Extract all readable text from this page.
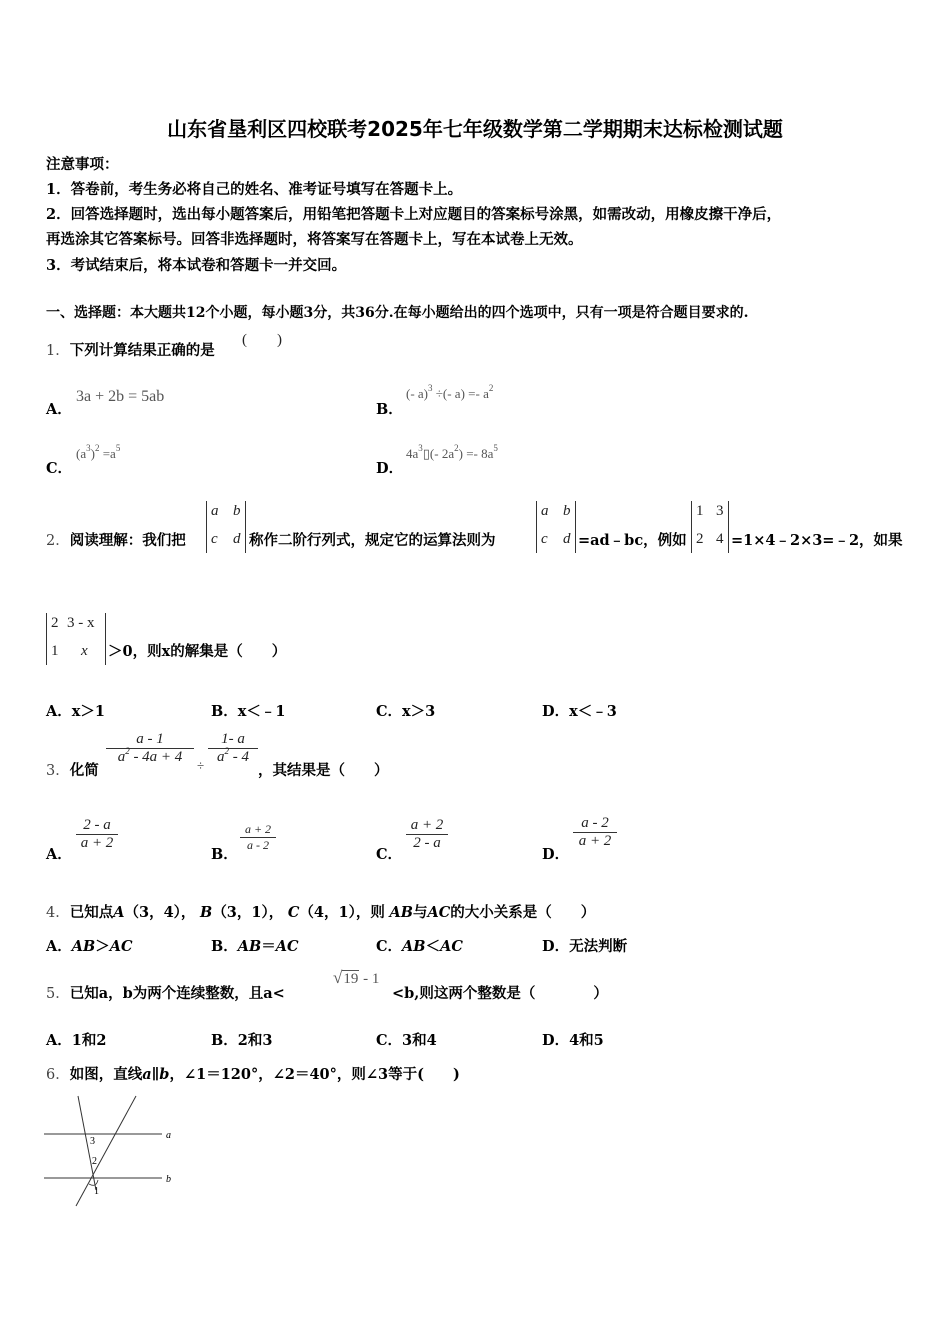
山东省垦利区四校联考2025年七年级数学第二学期期末达标检测试题
注意事项：
1．答卷前，考生务必将自己的姓名、准考证号填写在答题卡上。
2．回答选择题时，选出每小题答案后，用铅笔把答题卡上对应题目的答案标号涂黑，如需改动，用橡皮擦干净后，
再选涂其它答案标号。回答非选择题时，将答案写在答题卡上，写在本试卷上无效。
3．考试结束后，将本试卷和答题卡一并交回。
一、选择题：本大题共12个小题，每小题3分，共36分.在每小题给出的四个选项中，只有一项是符合题目要求的.
1．下列计算结果正确的是
(　　)
A．
3a + 2b = 5ab
B．
(- a)$^3$ ÷(- $a) =- a^2$
C．
$(a^3)^2 =a^5$
D．
$4a^3▯(-$ $2a^2) =- 8a^5$
2．阅读理解：我们把
a b
c d 称作二阶行列式，规定它的运算法则为
a b
c d =ad﹣bc，例如
1 3
2 4 =1×4﹣2×3=﹣2，如果
2 3 - x
1 x ＞0，则x的解集是（　　）
A．x＞1	B．x＜﹣1	C．x＞3	D．x＜﹣3
3．化简
a - 1
$a^2 - 4a + 4$
÷
1- a
$a^2 - 4$
，其结果是（　　）
A．
2 - a
a + 2
B．
a + 2
a - 2
C．
a + 2
2 - a
D．
a - 2
a + 2
4．已知点A（3，4）， B（3，1）， C（4，1），则 AB与AC的大小关系是（　　）
A．AB＞AC	B．AB＝AC	C．AB＜AC	D．无法判断
5．已知a，b为两个连续整数，且a<
√19 - 1
<b,则这两个整数是（　　　　）
A．1和2	B．2和3	C．3和4	D．4和5
6．如图，直线a∥b，∠1＝120°，∠2＝40°，则∠3等于(　　)
a
b
1
2
3
